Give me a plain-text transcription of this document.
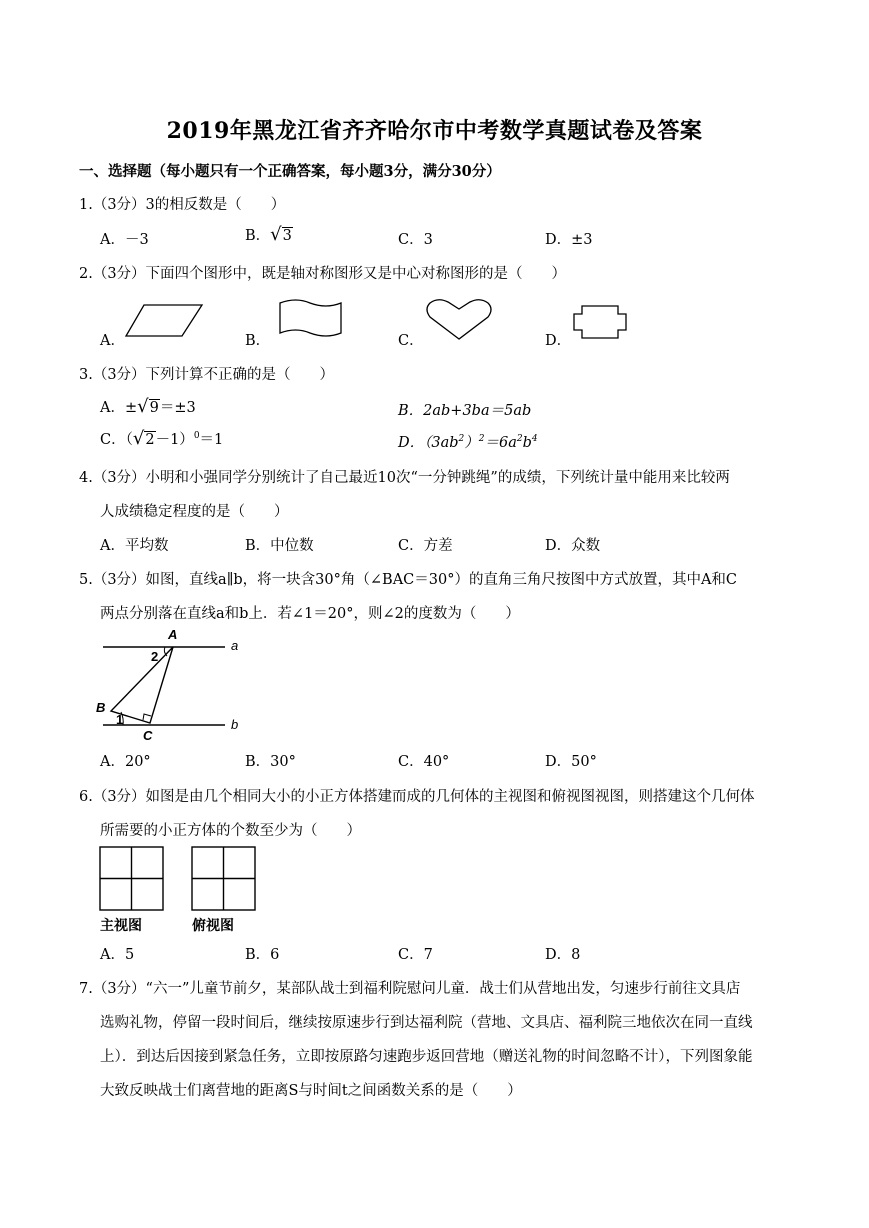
2019年黑龙江省齐齐哈尔市中考数学真题试卷及答案
一、选择题（每小题只有一个正确答案，每小题3分，满分30分）
1.（3分）3的相反数是（　　）
A．－3	B．√3	C．3	D．±3
2.（3分）下面四个图形中，既是轴对称图形又是中心对称图形的是（　　）
A．	B．	C．	D．
3.（3分）下列计算不正确的是（　　）
A．±√9＝±3	B．2ab+3ba＝5ab
C．$(√2-1)^0=1$	D．$(3ab^2)^2=6a^2b^4$
4.（3分）小明和小强同学分别统计了自己最近10次“一分钟跳绳”的成绩，下列统计量中能用来比较两
人成绩稳定程度的是（　　）
A．平均数	B．中位数	C．方差	D．众数
5.（3分）如图，直线a∥b，将一块含30°角（∠BAC＝30°）的直角三角尺按图中方式放置，其中A和C
两点分别落在直线a和b上．若∠1＝20°，则∠2的度数为（　　）
A
2
a
B
1
C
b
A．20°	B．30°	C．40°	D．50°
6.（3分）如图是由几个相同大小的小正方体搭建而成的几何体的主视图和俯视图视图，则搭建这个几何体
所需要的小正方体的个数至少为（　　）
主视图	俯视图
A．5	B．6	C．7	D．8
7.（3分）“六一”儿童节前夕，某部队战士到福利院慰问儿童．战士们从营地出发，匀速步行前往文具店
选购礼物，停留一段时间后，继续按原速步行到达福利院（营地、文具店、福利院三地依次在同一直线
上）．到达后因接到紧急任务，立即按原路匀速跑步返回营地（赠送礼物的时间忽略不计），下列图象能
大致反映战士们离营地的距离S与时间t之间函数关系的是（　　）
